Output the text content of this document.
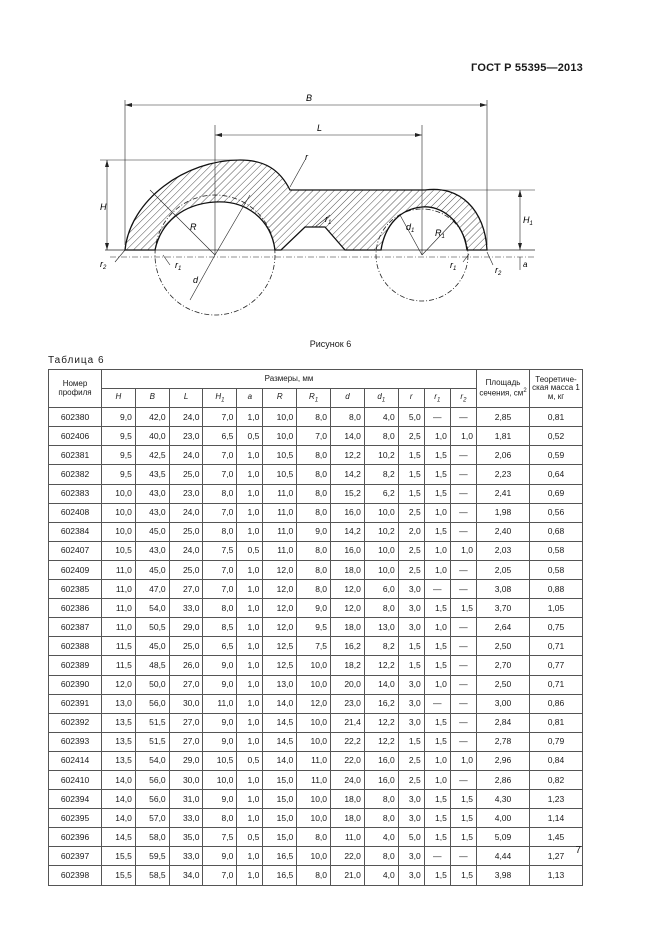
ГОСТ Р 55395—2013
B
L
H
$H_1$
a
R
d
$R_1$
$d_1$
r
$r_1$
$r_1$	$r_1$
$r_2$	$r_2$
Рисунок 6
Таблица 6
Номер профиля	Размеры, мм												Площадь сечения, $см^2$	Теоретиче-ская масса 1 м, кг
	H	B	L	$H_1$	a	R	$R_1$	d	$d_1$	r	$r_1$	$r_2$
602380	9,0	42,0	24,0	7,0	1,0	10,0	8,0	8,0	4,0	5,0	—	—	2,85	0,81
602406	9,5	40,0	23,0	6,5	0,5	10,0	7,0	14,0	8,0	2,5	1,0	1,0	1,81	0,52
602381	9,5	42,5	24,0	7,0	1,0	10,5	8,0	12,2	10,2	1,5	1,5	—	2,06	0,59
602382	9,5	43,5	25,0	7,0	1,0	10,5	8,0	14,2	8,2	1,5	1,5	—	2,23	0,64
602383	10,0	43,0	23,0	8,0	1,0	11,0	8,0	15,2	6,2	1,5	1,5	—	2,41	0,69
602408	10,0	43,0	24,0	7,0	1,0	11,0	8,0	16,0	10,0	2,5	1,0	—	1,98	0,56
602384	10,0	45,0	25,0	8,0	1,0	11,0	9,0	14,2	10,2	2,0	1,5	—	2,40	0,68
602407	10,5	43,0	24,0	7,5	0,5	11,0	8,0	16,0	10,0	2,5	1,0	1,0	2,03	0,58
602409	11,0	45,0	25,0	7,0	1,0	12,0	8,0	18,0	10,0	2,5	1,0	—	2,05	0,58
602385	11,0	47,0	27,0	7,0	1,0	12,0	8,0	12,0	6,0	3,0	—	—	3,08	0,88
602386	11,0	54,0	33,0	8,0	1,0	12,0	9,0	12,0	8,0	3,0	1,5	1,5	3,70	1,05
602387	11,0	50,5	29,0	8,5	1,0	12,0	9,5	18,0	13,0	3,0	1,0	—	2,64	0,75
602388	11,5	45,0	25,0	6,5	1,0	12,5	7,5	16,2	8,2	1,5	1,5	—	2,50	0,71
602389	11,5	48,5	26,0	9,0	1,0	12,5	10,0	18,2	12,2	1,5	1,5	—	2,70	0,77
602390	12,0	50,0	27,0	9,0	1,0	13,0	10,0	20,0	14,0	3,0	1,0	—	2,50	0,71
602391	13,0	56,0	30,0	11,0	1,0	14,0	12,0	23,0	16,2	3,0	—	—	3,00	0,86
602392	13,5	51,5	27,0	9,0	1,0	14,5	10,0	21,4	12,2	3,0	1,5	—	2,84	0,81
602393	13,5	51,5	27,0	9,0	1,0	14,5	10,0	22,2	12,2	1,5	1,5	—	2,78	0,79
602414	13,5	54,0	29,0	10,5	0,5	14,0	11,0	22,0	16,0	2,5	1,0	1,0	2,96	0,84
602410	14,0	56,0	30,0	10,0	1,0	15,0	11,0	24,0	16,0	2,5	1,0	—	2,86	0,82
602394	14,0	56,0	31,0	9,0	1,0	15,0	10,0	18,0	8,0	3,0	1,5	1,5	4,30	1,23
602395	14,0	57,0	33,0	8,0	1,0	15,0	10,0	18,0	8,0	3,0	1,5	1,5	4,00	1,14
602396	14,5	58,0	35,0	7,5	0,5	15,0	8,0	11,0	4,0	5,0	1,5	1,5	5,09	1,45
602397	15,5	59,5	33,0	9,0	1,0	16,5	10,0	22,0	8,0	3,0	—	—	4,44	1,27
602398	15,5	58,5	34,0	7,0	1,0	16,5	8,0	21,0	4,0	3,0	1,5	1,5	3,98	1,13
7
